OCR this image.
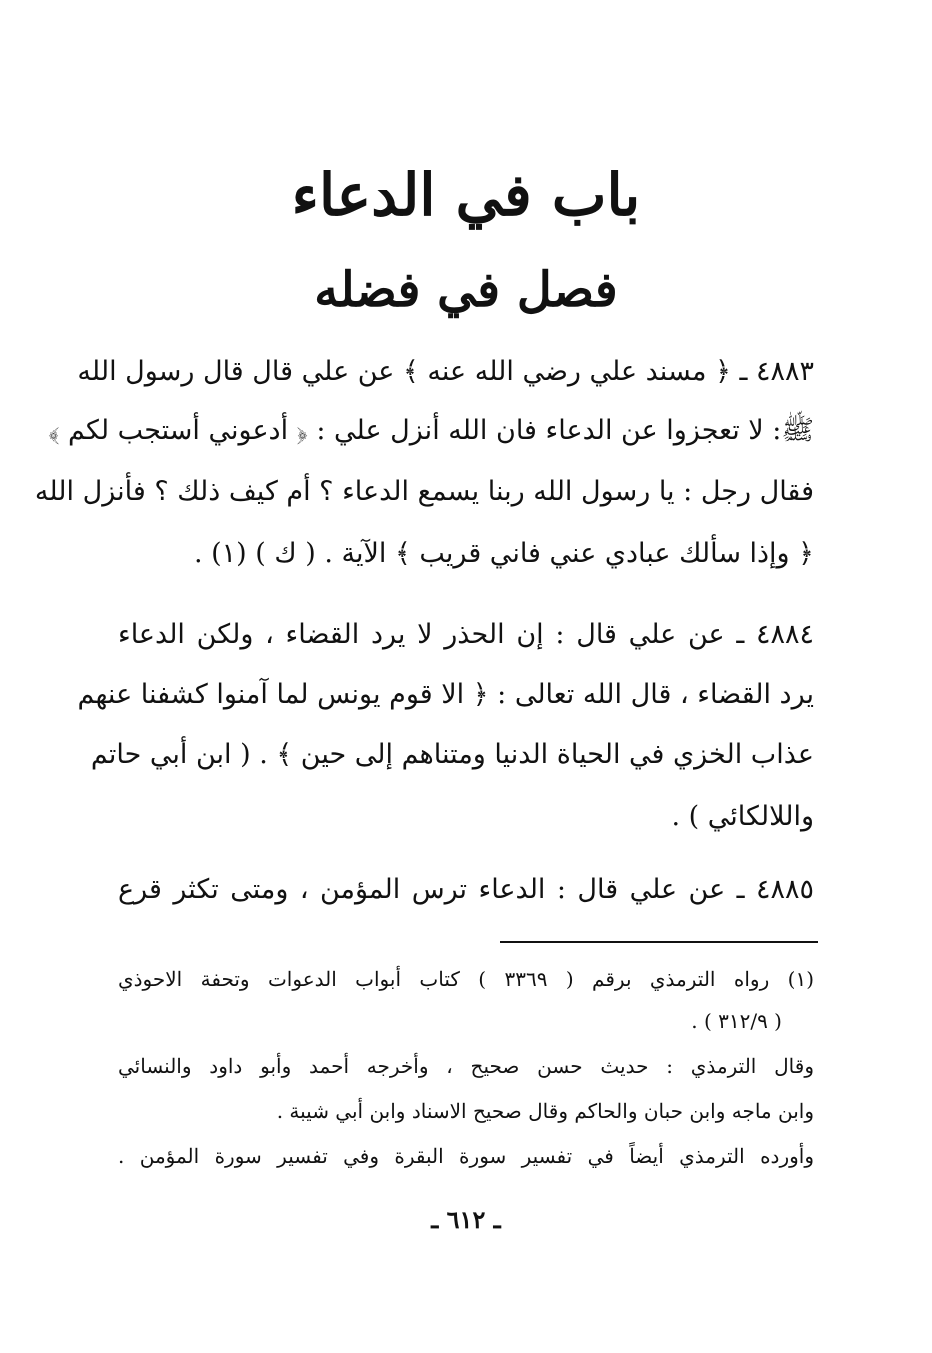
باب في الدعاء
فصل في فضله
٤٨٨٣ ـ ﴿ مسند علي رضي الله عنه ﴾ عن علي قال قال رسول الله
ﷺ: لا تعجزوا عن الدعاء فان الله أنزل علي : ﴿ أدعوني أستجب لكم ﴾
فقال رجل : يا رسول الله ربنا يسمع الدعاء ؟ أم كيف ذلك ؟ فأنزل الله
﴿ وإذا سألك عبادي عني فاني قريب ﴾ الآية . ( ك ) (١) .
٤٨٨٤ ـ عن علي قال : إن الحذر لا يرد القضاء ، ولكن الدعاء
يرد القضاء ، قال الله تعالى : ﴿ الا قوم يونس لما آمنوا كشفنا عنهم
عذاب الخزي في الحياة الدنيا ومتناهم إلى حين ﴾ . ( ابن أبي حاتم
واللالكائي ) .
٤٨٨٥ ـ عن علي قال : الدعاء ترس المؤمن ، ومتى تكثر قرع
(١) رواه الترمذي برقم ( ٣٣٦٩ ) كتاب أبواب الدعوات وتحفة الاحوذي
( ٣١٢/٩ ) .
وقال الترمذي : حديث حسن صحيح ، وأخرجه أحمد وأبو داود والنسائي
وابن ماجه وابن حبان والحاكم وقال صحيح الاسناد وابن أبي شيبة .
وأورده الترمذي أيضاً في تفسير سورة البقرة وفي تفسير سورة المؤمن .
ـ ٦١٢ ـ
